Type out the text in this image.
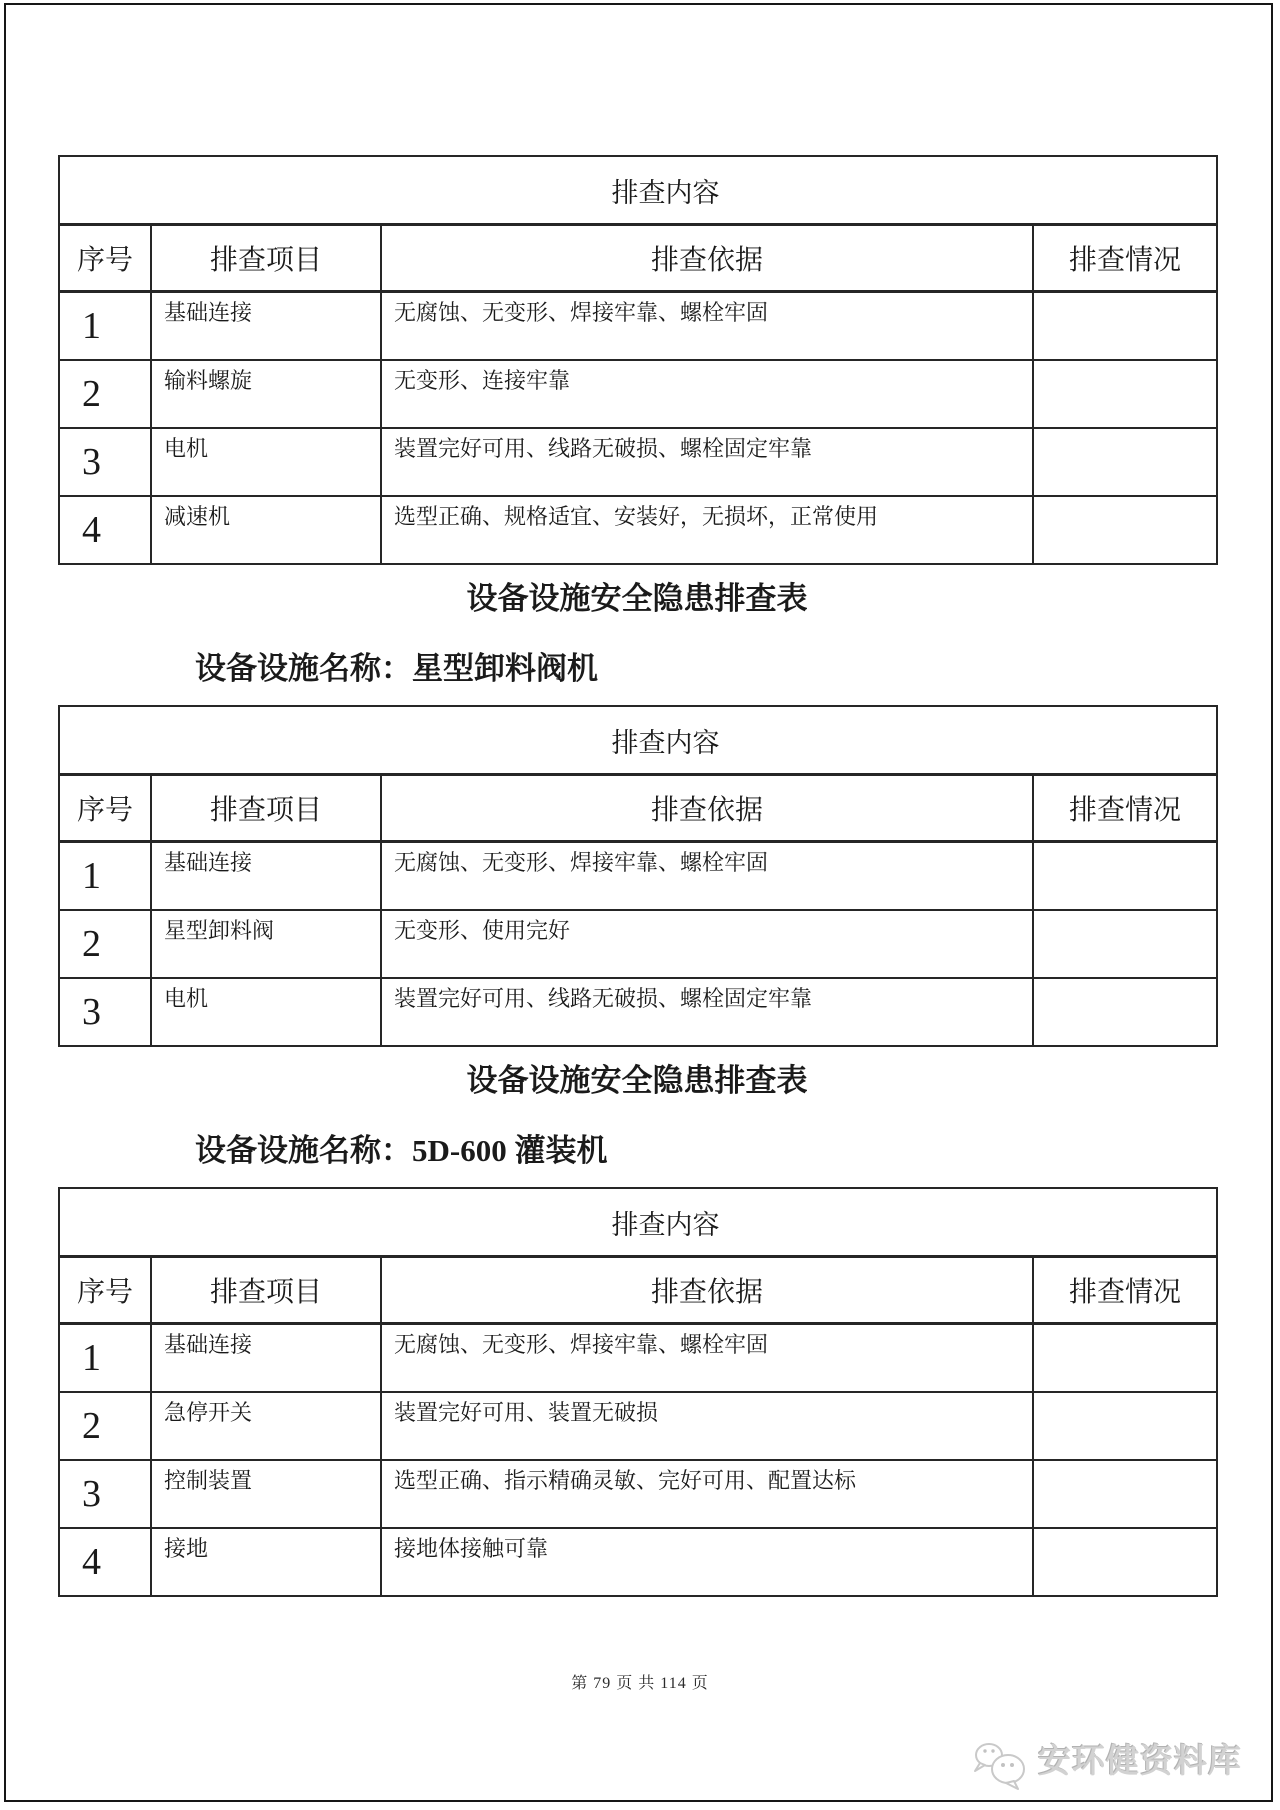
排查内容			
序号	排查项目	排查依据	排查情况
1	基础连接	无腐蚀、无变形、焊接牢靠、螺栓牢固	
2	输料螺旋	无变形、连接牢靠	
3	电机	装置完好可用、线路无破损、螺栓固定牢靠	
4	减速机	选型正确、规格适宜、安装好，无损坏，正常使用	
设备设施安全隐患排查表
设备设施名称：星型卸料阀机
排查内容			
序号	排查项目	排查依据	排查情况
1	基础连接	无腐蚀、无变形、焊接牢靠、螺栓牢固	
2	星型卸料阀	无变形、使用完好	
3	电机	装置完好可用、线路无破损、螺栓固定牢靠	
设备设施安全隐患排查表
设备设施名称：5D-600 灌装机
排查内容			
序号	排查项目	排查依据	排查情况
1	基础连接	无腐蚀、无变形、焊接牢靠、螺栓牢固	
2	急停开关	装置完好可用、装置无破损	
3	控制装置	选型正确、指示精确灵敏、完好可用、配置达标	
4	接地	接地体接触可靠	
第 79 页 共 114 页
安环健资料库
